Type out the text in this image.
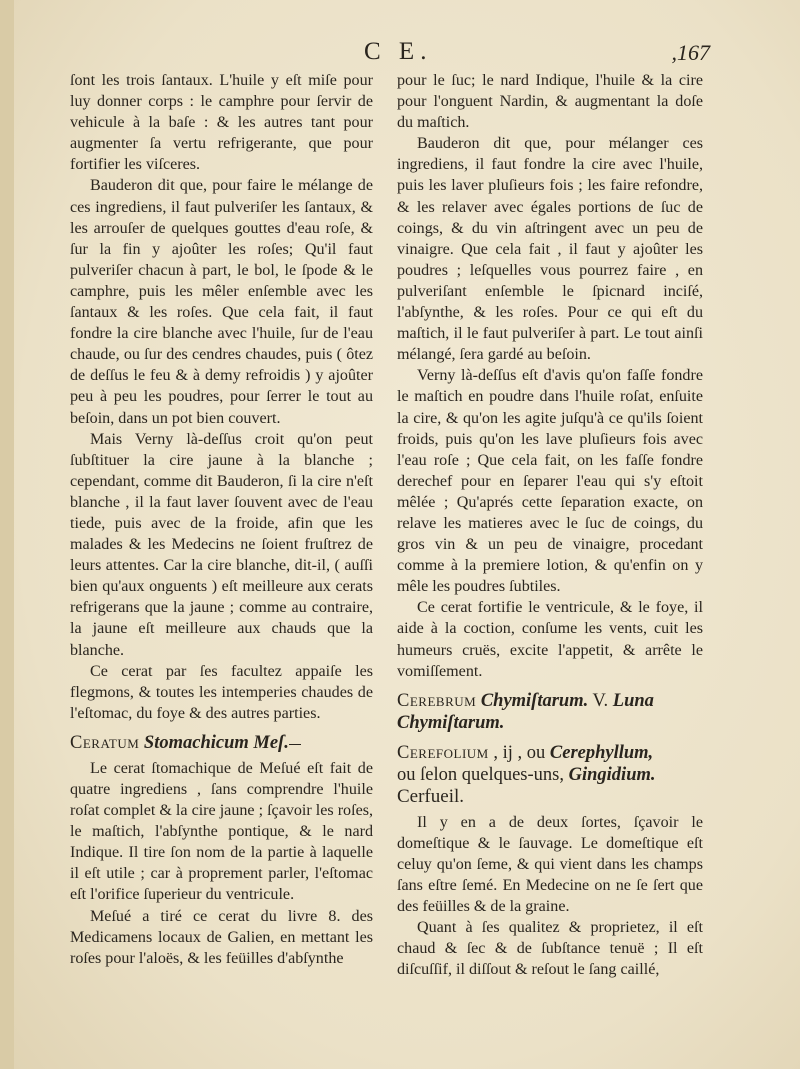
C E.	,167

ſont les trois ſantaux. L'huile y eſt miſe pour luy donner corps : le camphre pour ſervir de vehicule à la baſe : & les autres tant pour augmenter ſa vertu refrigerante, que pour fortifier les viſceres.

Bauderon dit que, pour faire le mélange de ces ingrediens, il faut pulveriſer les ſantaux, & les arrouſer de quelques gouttes d'eau roſe, & ſur la fin y ajoûter les roſes; Qu'il faut pulveriſer chacun à part, le bol, le ſpode & le camphre, puis les mêler enſemble avec les ſantaux & les roſes. Que cela fait, il faut fondre la cire blanche avec l'huile, ſur de l'eau chaude, ou ſur des cendres chaudes, puis ( ôtez de deſſus le feu & à demy refroidis ) y ajoûter peu à peu les poudres, pour ſerrer le tout au beſoin, dans un pot bien couvert.

Mais Verny là-deſſus croit qu'on peut ſubſtituer la cire jaune à la blanche ; cependant, comme dit Bauderon, ſi la cire n'eſt blanche , il la faut laver ſouvent avec de l'eau tiede, puis avec de la froide, afin que les malades & les Medecins ne ſoient fruſtrez de leurs attentes. Car la cire blanche, dit-il, ( auſſi bien qu'aux onguents ) eſt meilleure aux cerats refrigerans que la jaune ; comme au contraire, la jaune eſt meilleure aux chauds que la blanche.

Ce cerat par ſes facultez appaiſe les flegmons, & toutes les intemperies chaudes de l'eſtomac, du foye & des autres parties.

Ceratum Stomachicum Meſ.

Le cerat ſtomachique de Meſué eſt fait de quatre ingrediens , ſans comprendre l'huile roſat complet & la cire jaune ; ſçavoir les roſes, le maſtich, l'abſynthe pontique, & le nard Indique. Il tire ſon nom de la partie à laquelle il eſt utile ; car à proprement parler, l'eſtomac eſt l'orifice ſuperieur du ventricule.

Meſué a tiré ce cerat du livre 8. des Medicamens locaux de Galien, en mettant les roſes pour l'aloës, & les feüilles d'abſynthe

pour le ſuc; le nard Indique, l'huile & la cire pour l'onguent Nardin, & augmentant la doſe du maſtich.

Bauderon dit que, pour mélanger ces ingrediens, il faut fondre la cire avec l'huile, puis les laver pluſieurs fois ; les faire refondre, & les relaver avec égales portions de ſuc de coings, & du vin aſtringent avec un peu de vinaigre. Que cela fait , il faut y ajoûter les poudres ; leſquelles vous pourrez faire , en pulveriſant enſemble le ſpicnard inciſé, l'abſynthe, & les roſes. Pour ce qui eſt du maſtich, il le faut pulveriſer à part. Le tout ainſi mélangé, ſera gardé au beſoin.

Verny là-deſſus eſt d'avis qu'on faſſe fondre le maſtich en poudre dans l'huile roſat, enſuite la cire, & qu'on les agite juſqu'à ce qu'ils ſoient froids, puis qu'on les lave pluſieurs fois avec l'eau roſe ; Que cela fait, on les faſſe fondre derechef pour en ſeparer l'eau qui s'y eſtoit mêlée ; Qu'aprés cette ſeparation exacte, on relave les matieres avec le ſuc de coings, du gros vin & un peu de vinaigre, procedant comme à la premiere lotion, & qu'enfin on y mêle les poudres ſubtiles.

Ce cerat fortifie le ventricule, & le foye, il aide à la coction, conſume les vents, cuit les humeurs cruës, excite l'appetit, & arrête le vomiſſement.

Cerebrum Chymiſtarum. V. Luna Chymiſtarum.
Cerefolium , ij , ou Cerephyllum,
ou ſelon quelques-uns, Gingidium.
Cerfueil.

Il y en a de deux ſortes, ſçavoir le domeſtique & le ſauvage. Le domeſtique eſt celuy qu'on ſeme, & qui vient dans les champs ſans eſtre ſemé. En Medecine on ne ſe ſert que des feüilles & de la graine.

Quant à ſes qualitez & proprietez, il eſt chaud & ſec & de ſubſtance tenuë ; Il eſt diſcuſſif, il diſſout & reſout le ſang caillé,
